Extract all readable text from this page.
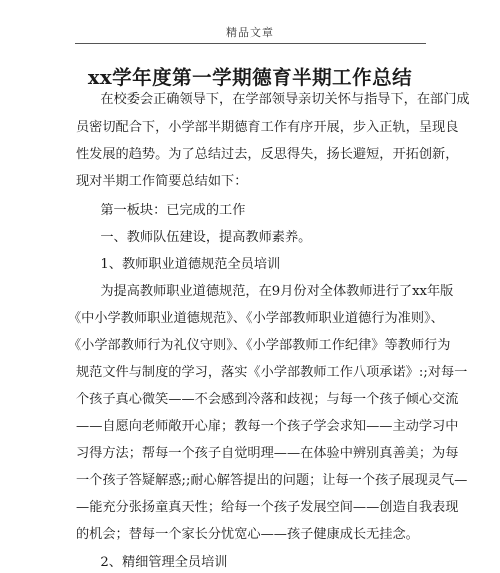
精品文章
xx学年度第一学期德育半期工作总结
　　在校委会正确领导下，在学部领导亲切关怀与指导下，在部门成
员密切配合下，小学部半期德育工作有序开展，步入正轨，呈现良
性发展的趋势。为了总结过去，反思得失，扬长避短，开拓创新，
现对半期工作简要总结如下：
　　第一板块：已完成的工作
　　一、教师队伍建设，提高教师素养。
　　1、教师职业道德规范全员培训
　　为提高教师职业道德规范，在9月份对全体教师进行了xx年版
《中小学教师职业道德规范》、《小学部教师职业道德行为准则》、
《小学部教师行为礼仪守则》、《小学部教师工作纪律》等教师行为
规范文件与制度的学习，落实《小学部教师工作八项承诺》:;对每一
个孩子真心微笑——不会感到冷落和歧视；与每一个孩子倾心交流
——自愿向老师敞开心扉；教每一个孩子学会求知——主动学习中
习得方法；帮每一个孩子自觉明理——在体验中辨别真善美；为每
一个孩子答疑解惑;;耐心解答提出的问题；让每一个孩子展现灵气—
—能充分张扬童真天性；给每一个孩子发展空间——创造自我表现
的机会；替每一个家长分忧宽心——孩子健康成长无挂念。
　　2、精细管理全员培训
